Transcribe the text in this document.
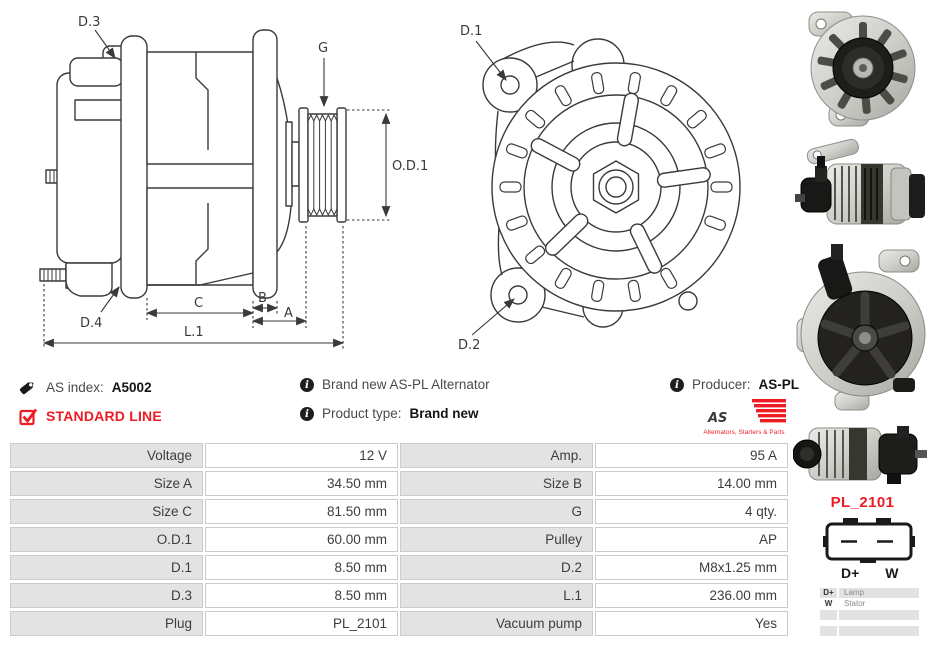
D.3
G
O.D.1
D.4
C	B
A
L.1
D.1
D.2
AS index: A5002	i Brand new AS-PL Alternator	i Producer: AS-PL
STANDARD LINE	i Product type: Brand new	AS
Alternators, Starters & Parts
Voltage	12 V	Amp.	95 A
Size A	34.50 mm	Size B	14.00 mm
Size C	81.50 mm	G	4 qty.
O.D.1	60.00 mm	Pulley	AP
D.1	8.50 mm	D.2	M8x1.25 mm
D.3	8.50 mm	L.1	236.00 mm
Plug	PL_2101	Vacuum pump	Yes
PL_2101
D+ W
D+	Lamp
W	Stator
